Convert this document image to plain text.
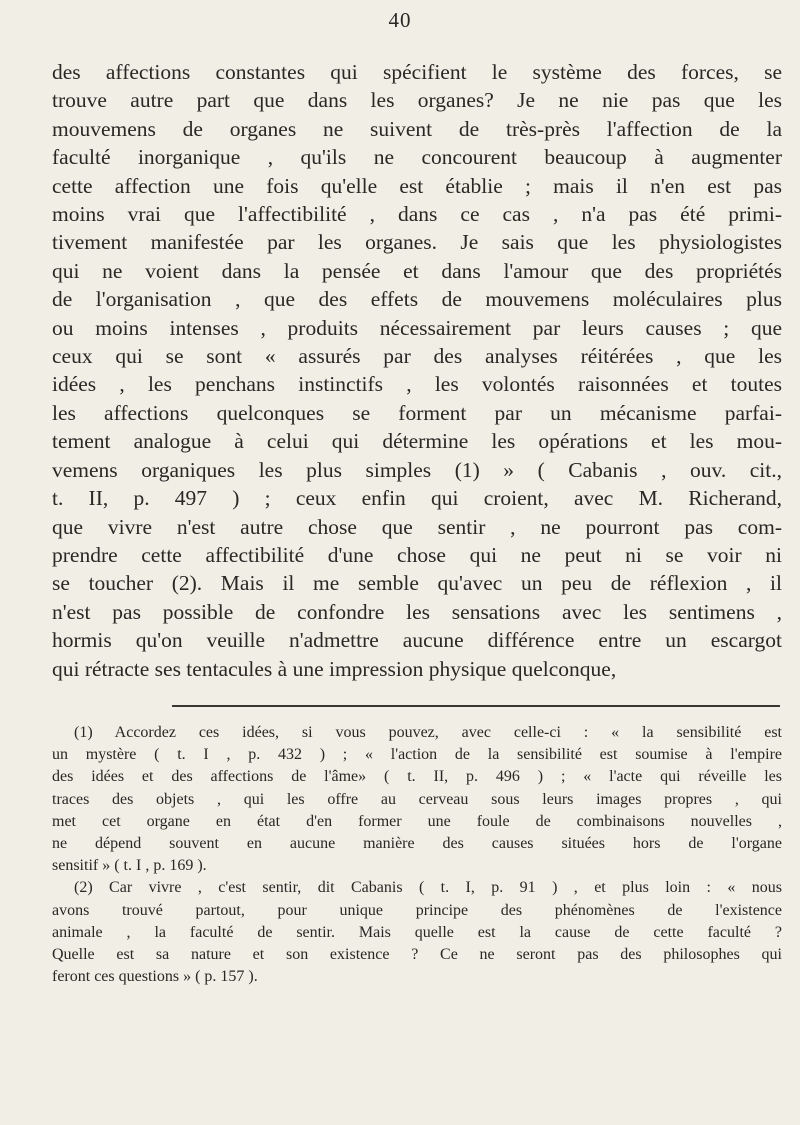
40
des affections constantes qui spécifient le système des forces, se
trouve autre part que dans les organes? Je ne nie pas que les
mouvemens de organes ne suivent de très-près l'affection de la
faculté inorganique , qu'ils ne concourent beaucoup à augmenter
cette affection une fois qu'elle est établie ; mais il n'en est pas
moins vrai que l'affectibilité , dans ce cas , n'a pas été primi-
tivement manifestée par les organes. Je sais que les physiologistes
qui ne voient dans la pensée et dans l'amour que des propriétés
de l'organisation , que des effets de mouvemens moléculaires plus
ou moins intenses , produits nécessairement par leurs causes ; que
ceux qui se sont « assurés par des analyses réitérées , que les
idées , les penchans instinctifs , les volontés raisonnées et toutes
les affections quelconques se forment par un mécanisme parfai-
tement analogue à celui qui détermine les opérations et les mou-
vemens organiques les plus simples (1) » ( Cabanis , ouv. cit.,
t. II, p. 497 ) ; ceux enfin qui croient, avec M. Richerand,
que vivre n'est autre chose que sentir , ne pourront pas com-
prendre cette affectibilité d'une chose qui ne peut ni se voir ni
se toucher (2). Mais il me semble qu'avec un peu de réflexion , il
n'est pas possible de confondre les sensations avec les sentimens ,
hormis qu'on veuille n'admettre aucune différence entre un escargot
qui rétracte ses tentacules à une impression physique quelconque,
(1) Accordez ces idées, si vous pouvez, avec celle-ci : « la sensibilité est
un mystère ( t. I , p. 432 ) ; « l'action de la sensibilité est soumise à l'empire
des idées et des affections de l'âme» ( t. II, p. 496 ) ; « l'acte qui réveille les
traces des objets , qui les offre au cerveau sous leurs images propres , qui
met cet organe en état d'en former une foule de combinaisons nouvelles ,
ne dépend souvent en aucune manière des causes situées hors de l'organe
sensitif » ( t. I , p. 169 ).
(2) Car vivre , c'est sentir, dit Cabanis ( t. I, p. 91 ) , et plus loin : « nous
avons trouvé partout, pour unique principe des phénomènes de l'existence
animale , la faculté de sentir. Mais quelle est la cause de cette faculté ?
Quelle est sa nature et son existence ? Ce ne seront pas des philosophes qui
feront ces questions » ( p. 157 ).
